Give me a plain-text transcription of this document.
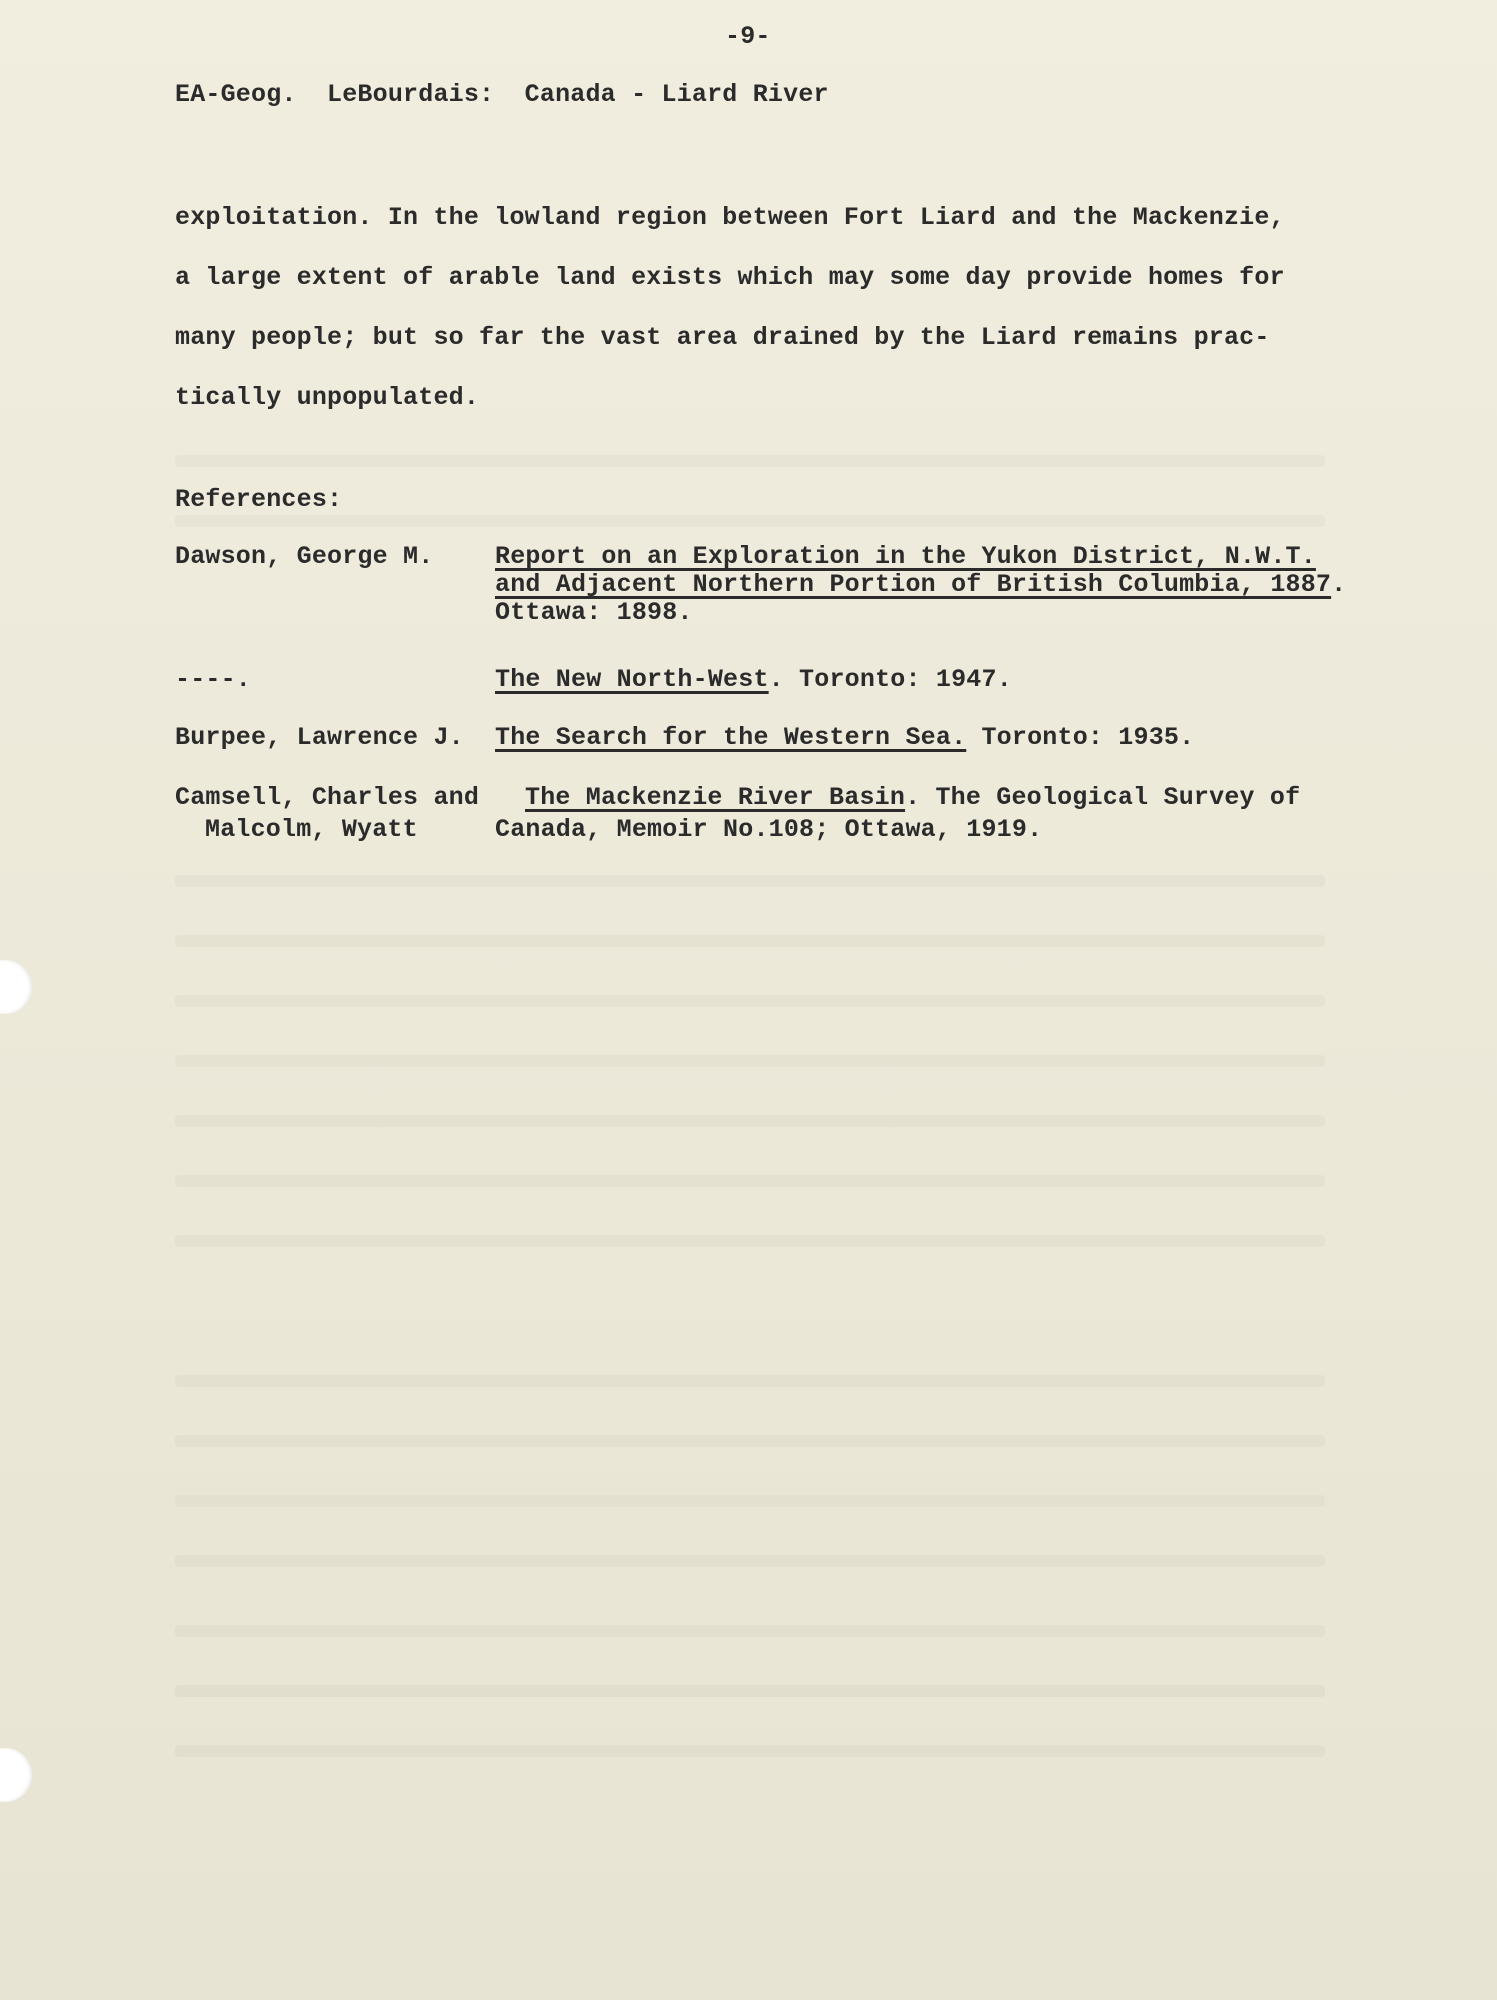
-9-
EA-Geog. LeBourdais: Canada - Liard River
exploitation. In the lowland region between Fort Liard and the Mackenzie,
a large extent of arable land exists which may some day provide homes for
many people; but so far the vast area drained by the Liard remains prac-
tically unpopulated.
References:
Dawson, George M. Report on an Exploration in the Yukon District, N.W.T.
and Adjacent Northern Portion of British Columbia, 1887.
Ottawa: 1898.
----.	The New North-West. Toronto: 1947.
Burpee, Lawrence J. The Search for the Western Sea. Toronto: 1935.
Camsell, Charles and
Malcolm, Wyatt
The Mackenzie River Basin. The Geological Survey of
Canada, Memoir No.108; Ottawa, 1919.
